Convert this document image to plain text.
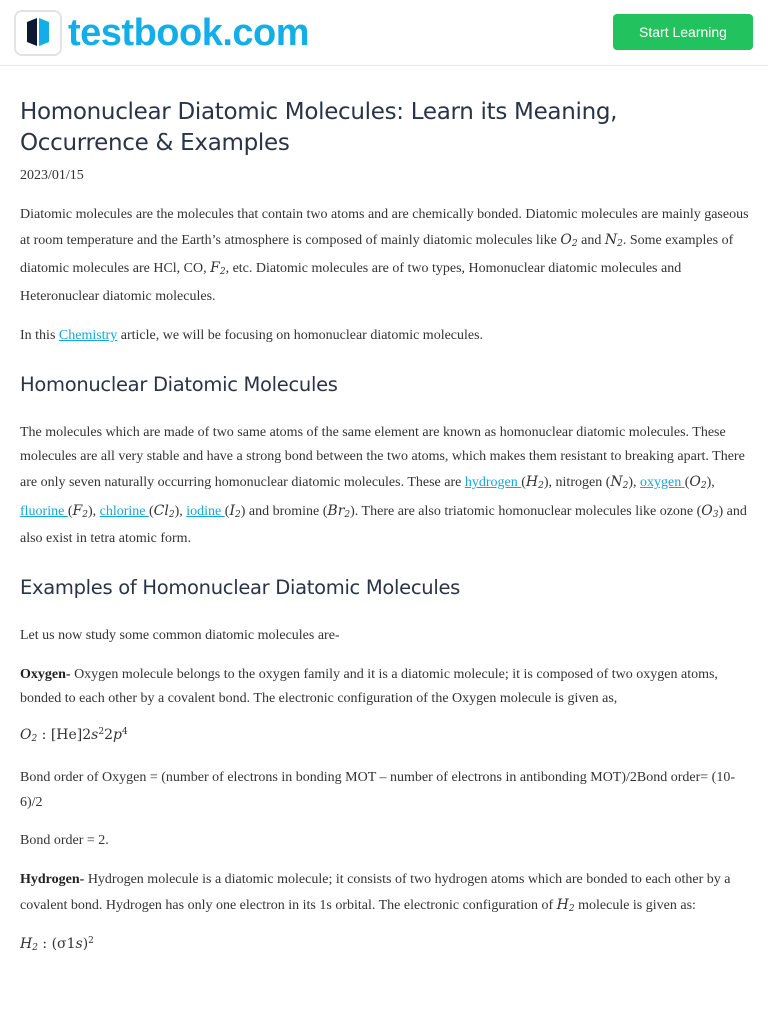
testbook.com	Start Learning
Homonuclear Diatomic Molecules: Learn its Meaning, Occurrence & Examples
2023/01/15

Diatomic molecules are the molecules that contain two atoms and are chemically bonded. Diatomic molecules are mainly gaseous at room temperature and the Earth’s atmosphere is composed of mainly diatomic molecules like $O_2$ and $N_2$. Some examples of diatomic molecules are HCl, CO, $F_2$, etc. Diatomic molecules are of two types, Homonuclear diatomic molecules and Heteronuclear diatomic molecules.

In this Chemistry article, we will be focusing on homonuclear diatomic molecules.

Homonuclear Diatomic Molecules

The molecules which are made of two same atoms of the same element are known as homonuclear diatomic molecules. These molecules are all very stable and have a strong bond between the two atoms, which makes them resistant to breaking apart. There are only seven naturally occurring homonuclear diatomic molecules. These are hydrogen $(H_2)$, nitrogen $(N_2)$, oxygen $(O_2)$, fluorine $(F_2)$, chlorine $(Cl_2)$, iodine $(I_2)$ and bromine $(Br_2)$. There are also triatomic homonuclear molecules like ozone $(O_3)$ and also exist in tetra atomic form.

Examples of Homonuclear Diatomic Molecules

Let us now study some common diatomic molecules are-

Oxygen- Oxygen molecule belongs to the oxygen family and it is a diatomic molecule; it is composed of two oxygen atoms, bonded to each other by a covalent bond. The electronic configuration of the Oxygen molecule is given as,

$O_2$ : $[He]2s^22p^4$

Bond order of Oxygen = (number of electrons in bonding MOT – number of electrons in antibonding MOT)/2Bond order= (10-6)/2

Bond order = 2.

Hydrogen- Hydrogen molecule is a diatomic molecule; it consists of two hydrogen atoms which are bonded to each other by a covalent bond. Hydrogen has only one electron in its 1s orbital. The electronic configuration of $H_2$ molecule is given as:

$H_2$ : $(\sigma 1s)^2$
